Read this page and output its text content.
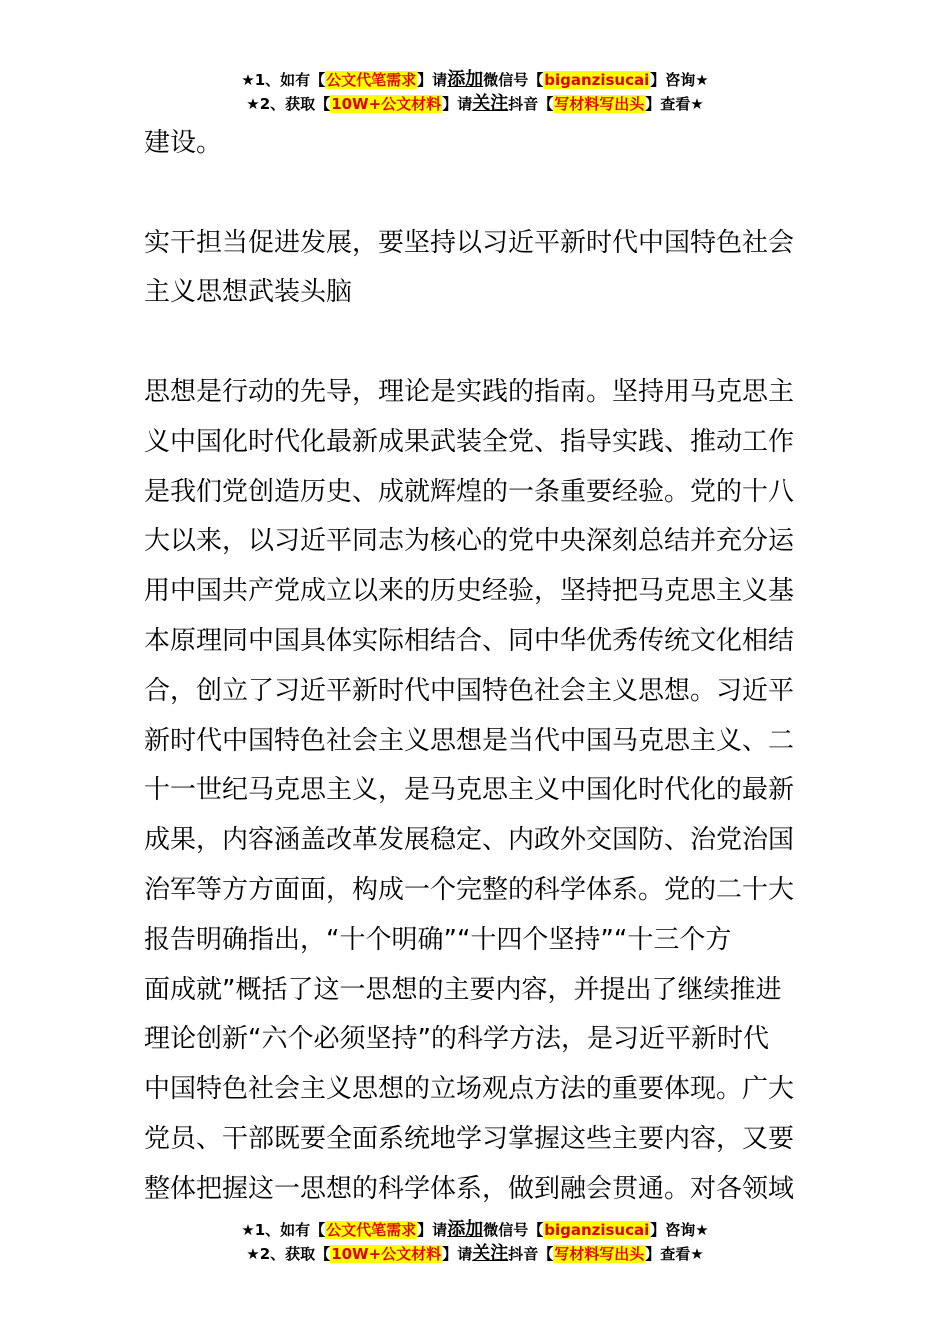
★1、如有【公文代笔需求】请添加微信号【biganzisucai】咨询★
★2、获取【10W+公文材料】请关注抖音【写材料写出头】查看★
建设。
实干担当促进发展，要坚持以习近平新时代中国特色社会
主义思想武装头脑
思想是行动的先导，理论是实践的指南。坚持用马克思主
义中国化时代化最新成果武装全党、指导实践、推动工作
是我们党创造历史、成就辉煌的一条重要经验。党的十八
大以来，以习近平同志为核心的党中央深刻总结并充分运
用中国共产党成立以来的历史经验，坚持把马克思主义基
本原理同中国具体实际相结合、同中华优秀传统文化相结
合，创立了习近平新时代中国特色社会主义思想。习近平
新时代中国特色社会主义思想是当代中国马克思主义、二
十一世纪马克思主义，是马克思主义中国化时代化的最新
成果，内容涵盖改革发展稳定、内政外交国防、治党治国
治军等方方面面，构成一个完整的科学体系。党的二十大
报告明确指出，“十个明确”“十四个坚持”“十三个方
面成就”概括了这一思想的主要内容，并提出了继续推进
理论创新“六个必须坚持”的科学方法，是习近平新时代
中国特色社会主义思想的立场观点方法的重要体现。广大
党员、干部既要全面系统地学习掌握这些主要内容，又要
整体把握这一思想的科学体系，做到融会贯通。对各领域
★1、如有【公文代笔需求】请添加微信号【biganzisucai】咨询★
★2、获取【10W+公文材料】请关注抖音【写材料写出头】查看★
